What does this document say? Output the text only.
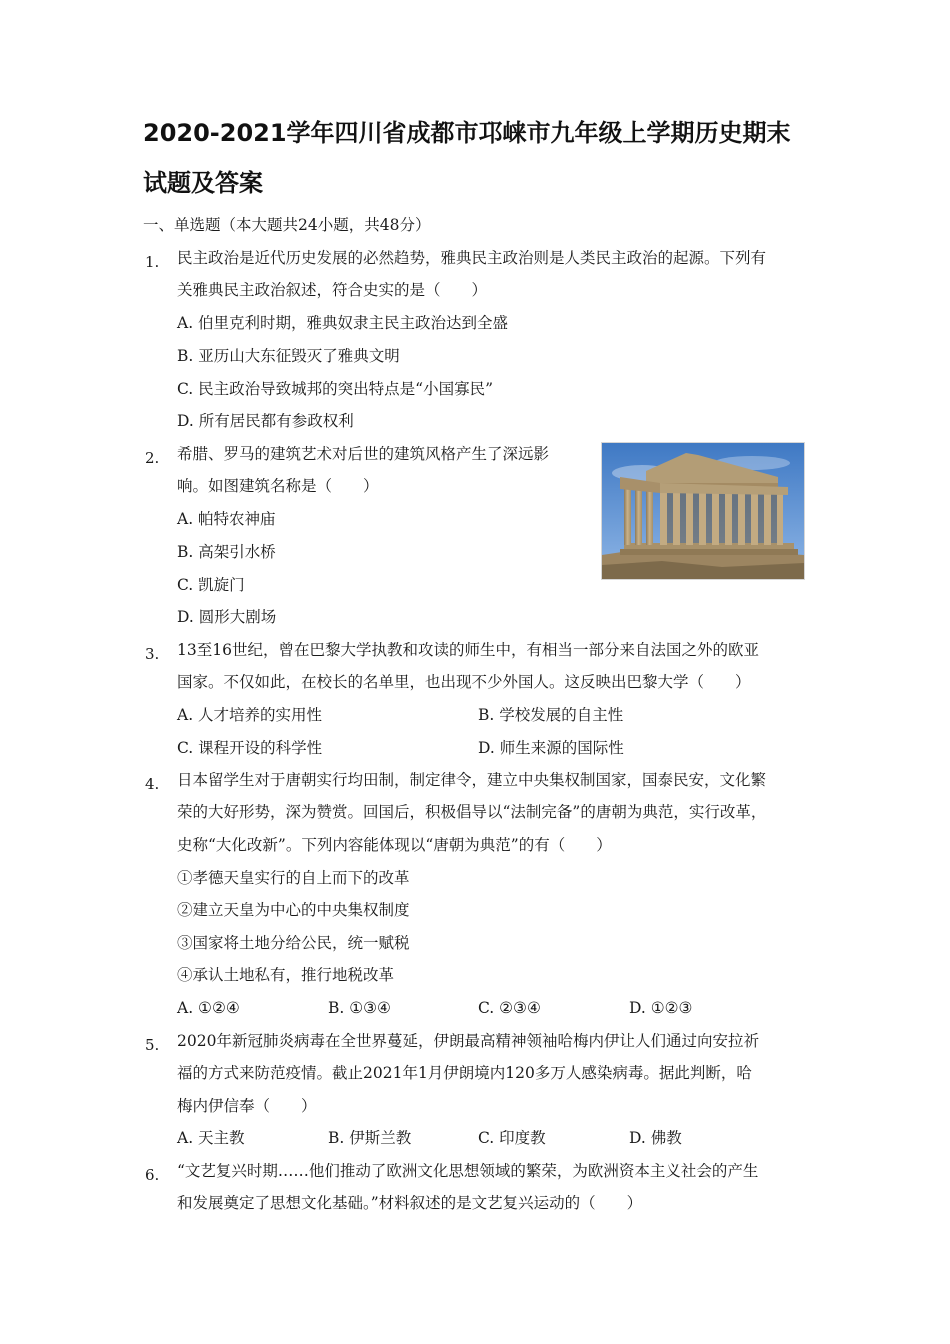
2020-2021学年四川省成都市邛崃市九年级上学期历史期末
试题及答案
一、单选题（本大题共24小题，共48分）
1. 民主政治是近代历史发展的必然趋势，雅典民主政治则是人类民主政治的起源。下列有
关雅典民主政治叙述，符合史实的是（　　）
A. 伯里克利时期，雅典奴隶主民主政治达到全盛
B. 亚历山大东征毁灭了雅典文明
C. 民主政治导致城邦的突出特点是“小国寡民”
D. 所有居民都有参政权利
2. 希腊、罗马的建筑艺术对后世的建筑风格产生了深远影
响。如图建筑名称是（　　）
A. 帕特农神庙
B. 高架引水桥
C. 凯旋门
D. 圆形大剧场
3. 13至16世纪，曾在巴黎大学执教和攻读的师生中，有相当一部分来自法国之外的欧亚
国家。不仅如此，在校长的名单里，也出现不少外国人。这反映出巴黎大学（　　）
A. 人才培养的实用性	B. 学校发展的自主性
C. 课程开设的科学性	D. 师生来源的国际性
4. 日本留学生对于唐朝实行均田制，制定律令，建立中央集权制国家，国泰民安，文化繁
荣的大好形势，深为赞赏。回国后，积极倡导以“法制完备”的唐朝为典范，实行改革，
史称“大化改新”。下列内容能体现以“唐朝为典范”的有（　　）
①孝德天皇实行的自上而下的改革
②建立天皇为中心的中央集权制度
③国家将土地分给公民，统一赋税
④承认土地私有，推行地税改革
A. ①②④	B. ①③④	C. ②③④	D. ①②③
5. 2020年新冠肺炎病毒在全世界蔓延，伊朗最高精神领袖哈梅内伊让人们通过向安拉祈
福的方式来防范疫情。截止2021年1月伊朗境内120多万人感染病毒。据此判断，哈
梅内伊信奉（　　）
A. 天主教	B. 伊斯兰教	C. 印度教	D. 佛教
6. “文艺复兴时期……他们推动了欧洲文化思想领域的繁荣，为欧洲资本主义社会的产生
和发展奠定了思想文化基础。”材料叙述的是文艺复兴运动的（　　）
